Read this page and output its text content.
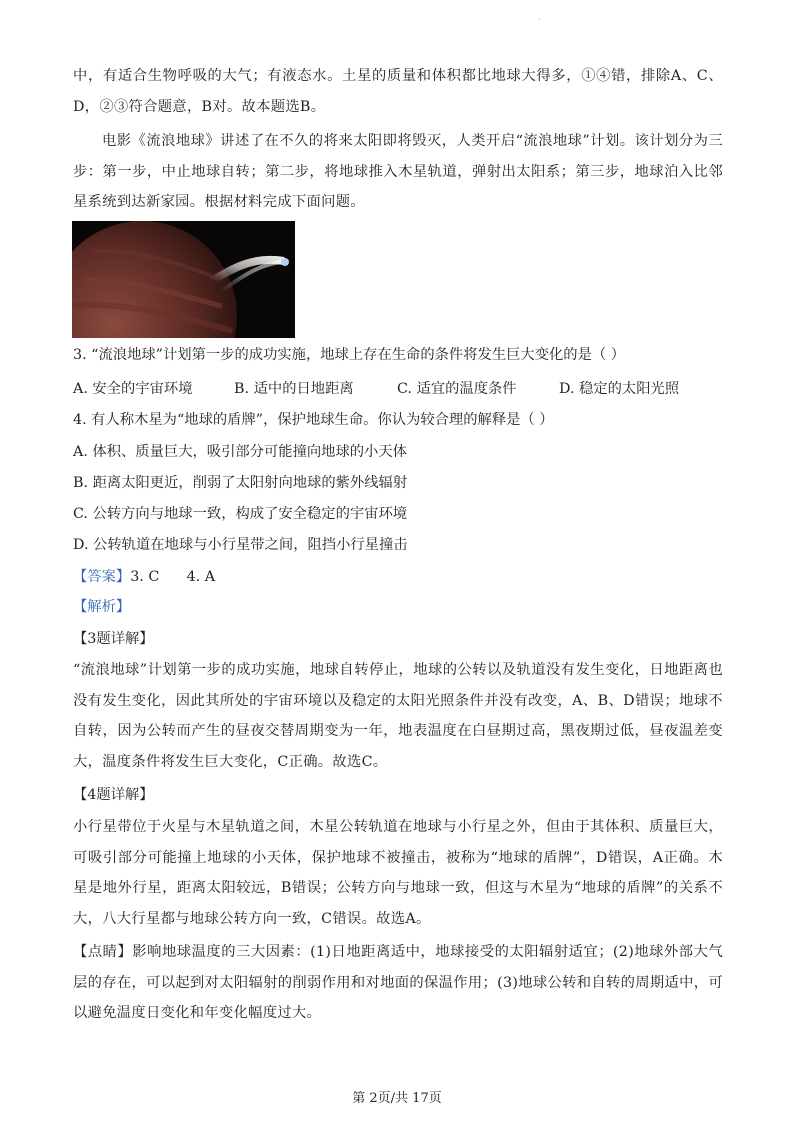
·

中，有适合生物呼吸的大气；有液态水。土星的质量和体积都比地球大得多，①④错，排除A、C、D，②③符合题意，B对。故本题选B。

电影《流浪地球》讲述了在不久的将来太阳即将毁灭，人类开启“流浪地球”计划。该计划分为三步：第一步，中止地球自转；第二步，将地球推入木星轨道，弹射出太阳系；第三步，地球泊入比邻星系统到达新家园。根据材料完成下面问题。

3. “流浪地球”计划第一步的成功实施，地球上存在生命的条件将发生巨大变化的是（ ）
A. 安全的宇宙环境	B. 适中的日地距离	C. 适宜的温度条件	D. 稳定的太阳光照
4. 有人称木星为“地球的盾牌”，保护地球生命。你认为较合理的解释是（ ）
A. 体积、质量巨大，吸引部分可能撞向地球的小天体
B. 距离太阳更近，削弱了太阳射向地球的紫外线辐射
C. 公转方向与地球一致，构成了安全稳定的宇宙环境
D. 公转轨道在地球与小行星带之间，阻挡小行星撞击
【答案】3. C      4. A
【解析】
【3题详解】

“流浪地球”计划第一步的成功实施，地球自转停止，地球的公转以及轨道没有发生变化，日地距离也没有发生变化，因此其所处的宇宙环境以及稳定的太阳光照条件并没有改变，A、B、D错误；地球不自转，因为公转而产生的昼夜交替周期变为一年，地表温度在白昼期过高，黑夜期过低，昼夜温差变大，温度条件将发生巨大变化，C正确。故选C。

【4题详解】

小行星带位于火星与木星轨道之间，木星公转轨道在地球与小行星之外，但由于其体积、质量巨大，可吸引部分可能撞上地球的小天体，保护地球不被撞击，被称为“地球的盾牌”，D错误，A正确。木星是地外行星，距离太阳较远，B错误；公转方向与地球一致，但这与木星为“地球的盾牌”的关系不大，八大行星都与地球公转方向一致，C错误。故选A。

【点睛】影响地球温度的三大因素：(1)日地距离适中，地球接受的太阳辐射适宜；(2)地球外部大气层的存在，可以起到对太阳辐射的削弱作用和对地面的保温作用；(3)地球公转和自转的周期适中，可以避免温度日变化和年变化幅度过大。

第 2页/共 17页
